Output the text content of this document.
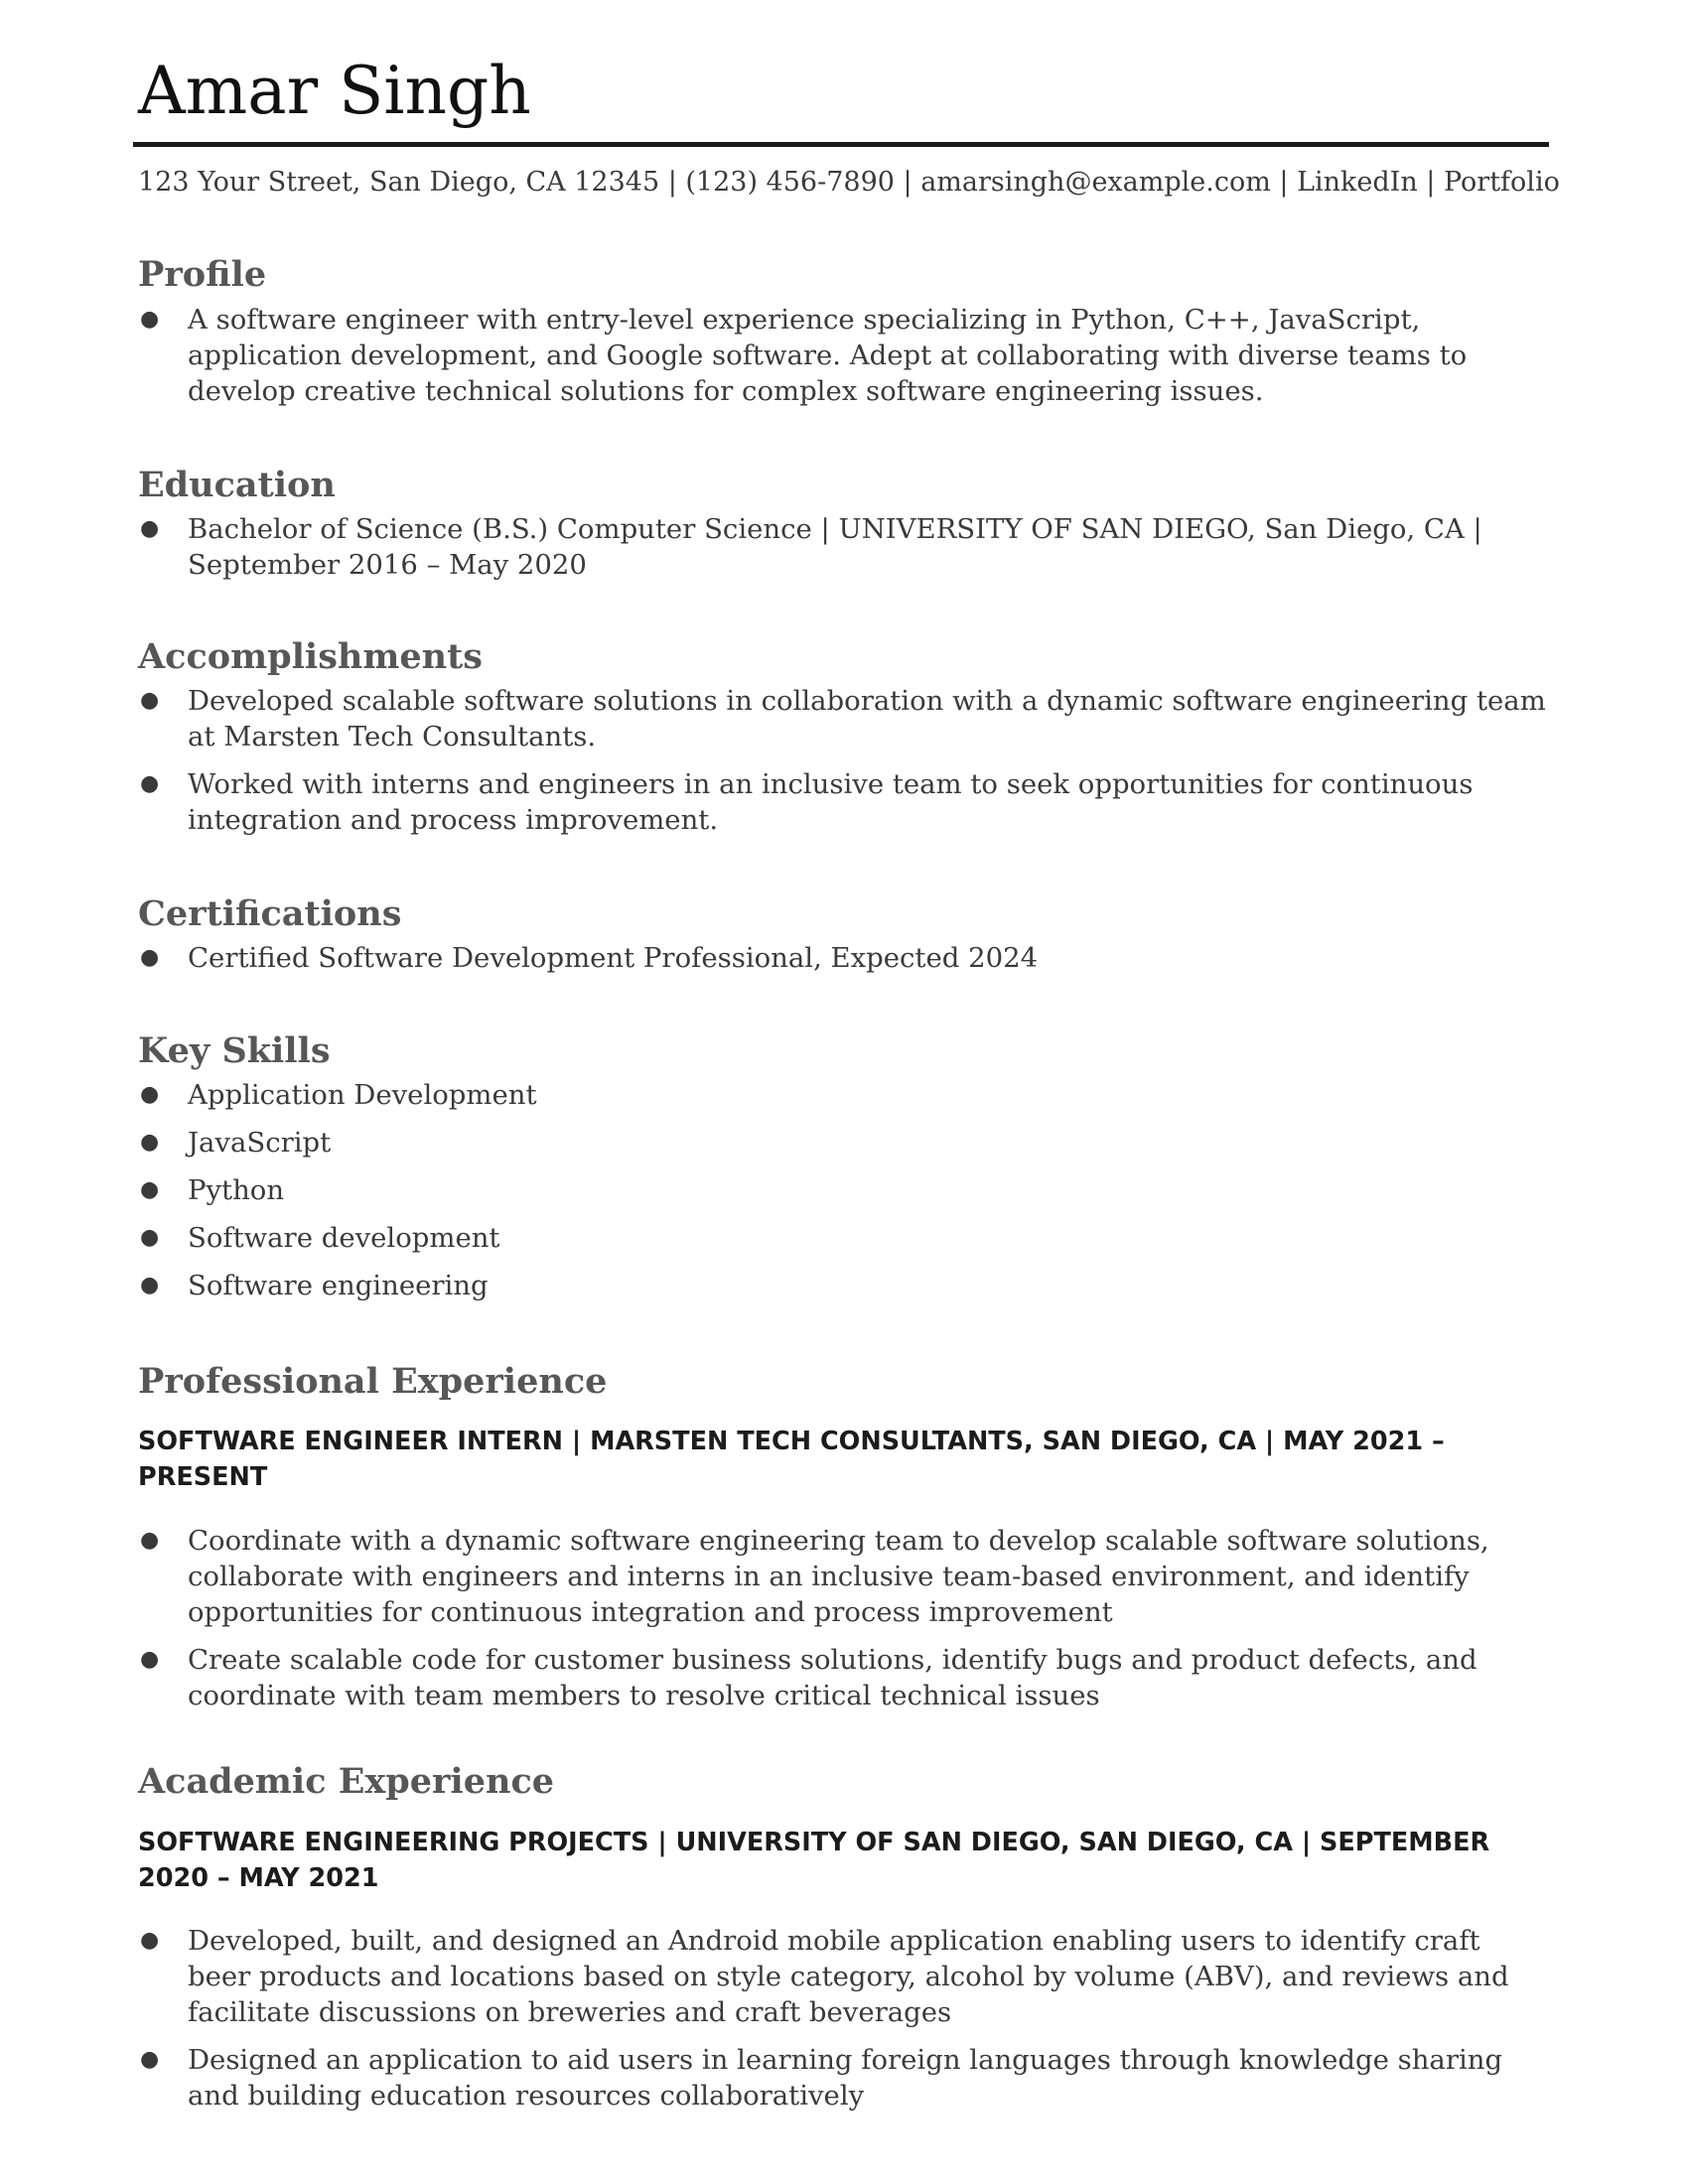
Amar Singh
123 Your Street, San Diego, CA 12345 | (123) 456-7890 | amarsingh@example.com | LinkedIn | Portfolio
Profile
● A software engineer with entry-level experience specializing in Python, C++, JavaScript, application development, and Google software. Adept at collaborating with diverse teams to develop creative technical solutions for complex software engineering issues.
Education
● Bachelor of Science (B.S.) Computer Science | UNIVERSITY OF SAN DIEGO, San Diego, CA | September 2016 – May 2020
Accomplishments
● Developed scalable software solutions in collaboration with a dynamic software engineering team at Marsten Tech Consultants.
● Worked with interns and engineers in an inclusive team to seek opportunities for continuous integration and process improvement.
Certifications
● Certified Software Development Professional, Expected 2024
Key Skills
● Application Development
● JavaScript
● Python
● Software development
● Software engineering
Professional Experience
SOFTWARE ENGINEER INTERN | MARSTEN TECH CONSULTANTS, SAN DIEGO, CA | MAY 2021 – PRESENT
● Coordinate with a dynamic software engineering team to develop scalable software solutions, collaborate with engineers and interns in an inclusive team-based environment, and identify opportunities for continuous integration and process improvement
● Create scalable code for customer business solutions, identify bugs and product defects, and coordinate with team members to resolve critical technical issues
Academic Experience
SOFTWARE ENGINEERING PROJECTS | UNIVERSITY OF SAN DIEGO, SAN DIEGO, CA | SEPTEMBER 2020 – MAY 2021
● Developed, built, and designed an Android mobile application enabling users to identify craft beer products and locations based on style category, alcohol by volume (ABV), and reviews and facilitate discussions on breweries and craft beverages
● Designed an application to aid users in learning foreign languages through knowledge sharing and building education resources collaboratively
